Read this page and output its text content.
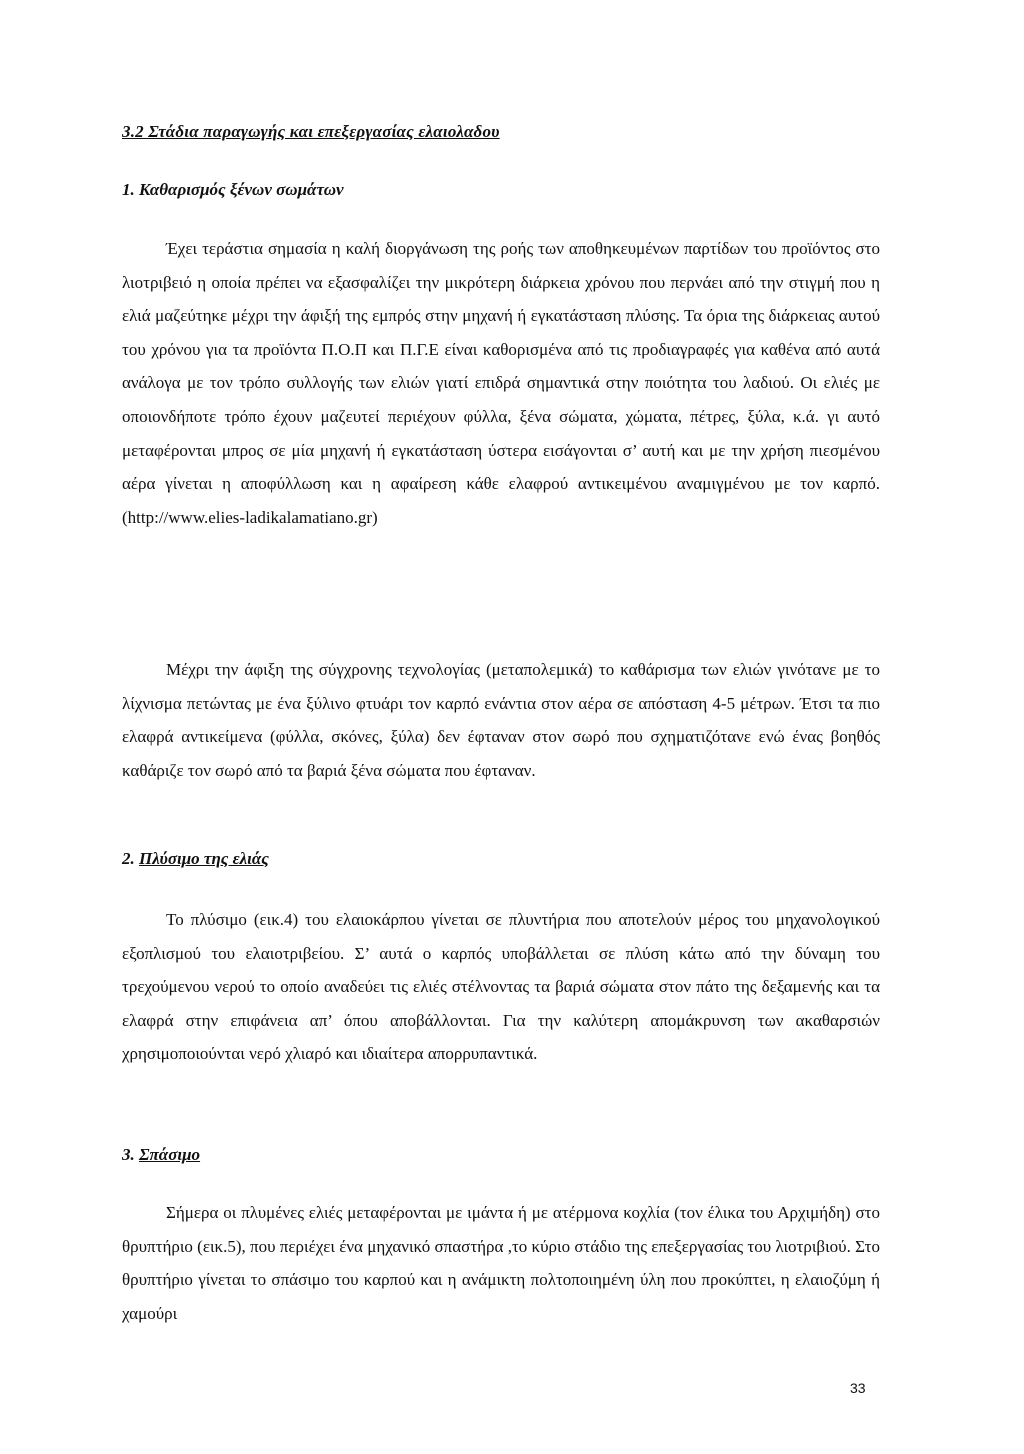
3.2 Στάδια παραγωγής και επεξεργασίας ελαιολαδου
1. Καθαρισμός ξένων σωμάτων

Έχει τεράστια σημασία η καλή διοργάνωση της ροής των αποθηκευμένων παρτίδων του προϊόντος στο λιοτριβειό η οποία πρέπει να εξασφαλίζει την μικρότερη διάρκεια χρόνου που περνάει από την στιγμή που η ελιά μαζεύτηκε μέχρι την άφιξή της εμπρός στην μηχανή ή εγκατάσταση πλύσης. Τα όρια της διάρκειας αυτού του χρόνου για τα προϊόντα Π.Ο.Π και Π.Γ.Ε είναι καθορισμένα από τις προδιαγραφές για καθένα από αυτά ανάλογα με τον τρόπο συλλογής των ελιών γιατί επιδρά σημαντικά στην ποιότητα του λαδιού. Οι ελιές με οποιονδήποτε τρόπο έχουν μαζευτεί περιέχουν φύλλα, ξένα σώματα, χώματα, πέτρες, ξύλα, κ.ά. γι αυτό μεταφέρονται μπρος σε μία μηχανή ή εγκατάσταση ύστερα εισάγονται σ’ αυτή και με την χρήση πιεσμένου αέρα γίνεται η αποφύλλωση και η αφαίρεση κάθε ελαφρού αντικειμένου αναμιγμένου με τον καρπό. (http://www.elies-ladikalamatiano.gr)

Μέχρι την άφιξη της σύγχρονης τεχνολογίας (μεταπολεμικά) το καθάρισμα των ελιών γινότανε με το λίχνισμα πετώντας με ένα ξύλινο φτυάρι τον καρπό ενάντια στον αέρα σε απόσταση 4-5 μέτρων. Έτσι τα πιο ελαφρά αντικείμενα (φύλλα, σκόνες, ξύλα) δεν έφταναν στον σωρό που σχηματιζότανε ενώ ένας βοηθός καθάριζε τον σωρό από τα βαριά ξένα σώματα που έφταναν.

2. Πλύσιμο της ελιάς

Το πλύσιμο (εικ.4) του ελαιοκάρπου γίνεται σε πλυντήρια που αποτελούν μέρος του μηχανολογικού εξοπλισμού του ελαιοτριβείου. Σ’ αυτά ο καρπός υποβάλλεται σε πλύση κάτω από την δύναμη του τρεχούμενου νερού το οποίο αναδεύει τις ελιές στέλνοντας τα βαριά σώματα στον πάτο της δεξαμενής και τα ελαφρά στην επιφάνεια απ’ όπου αποβάλλονται. Για την καλύτερη απομάκρυνση των ακαθαρσιών χρησιμοποιούνται νερό χλιαρό και ιδιαίτερα απορρυπαντικά.

3. Σπάσιμο

Σήμερα οι πλυμένες ελιές μεταφέρονται με ιμάντα ή με ατέρμονα κοχλία (τον έλικα του Αρχιμήδη) στο θρυπτήριο (εικ.5), που περιέχει ένα μηχανικό σπαστήρα ,το κύριο στάδιο της επεξεργασίας του λιοτριβιού. Στο θρυπτήριο γίνεται το σπάσιμο του καρπού και η ανάμικτη πολτοποιημένη ύλη που προκύπτει, η ελαιοζύμη ή χαμούρι

33
